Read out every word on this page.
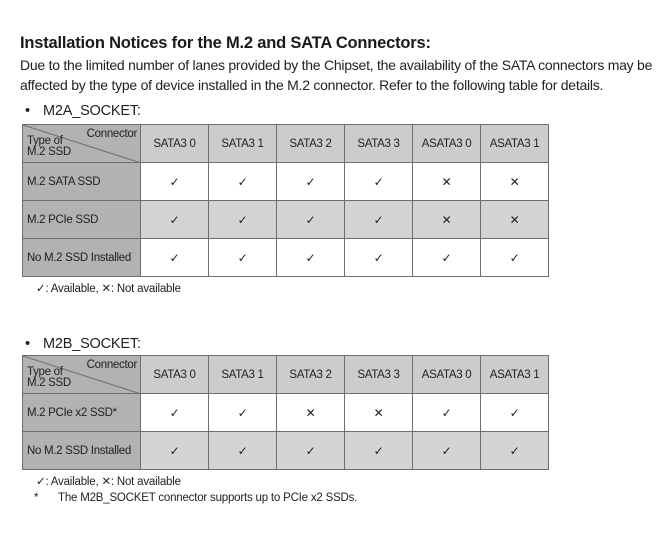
Installation Notices for the M.2 and SATA Connectors:
Due to the limited number of lanes provided by the Chipset, the availability of the SATA connectors may be affected by the type of device installed in the M.2 connector. Refer to the following table for details.
• M2A_SOCKET:
Connector
Type of
M.2 SSD	SATA3 0	SATA3 1	SATA3 2	SATA3 3	ASATA3 0	ASATA3 1
M.2 SATA SSD	✓	✓	✓	✓	✕	✕
M.2 PCIe SSD	✓	✓	✓	✓	✕	✕
No M.2 SSD Installed	✓	✓	✓	✓	✓	✓
✓: Available, ✕: Not available
• M2B_SOCKET:
Connector
Type of
M.2 SSD	SATA3 0	SATA3 1	SATA3 2	SATA3 3	ASATA3 0	ASATA3 1
M.2 PCIe x2 SSD*	✓	✓	✕	✕	✓	✓
No M.2 SSD Installed	✓	✓	✓	✓	✓	✓
✓: Available, ✕: Not available
* The M2B_SOCKET connector supports up to PCIe x2 SSDs.
